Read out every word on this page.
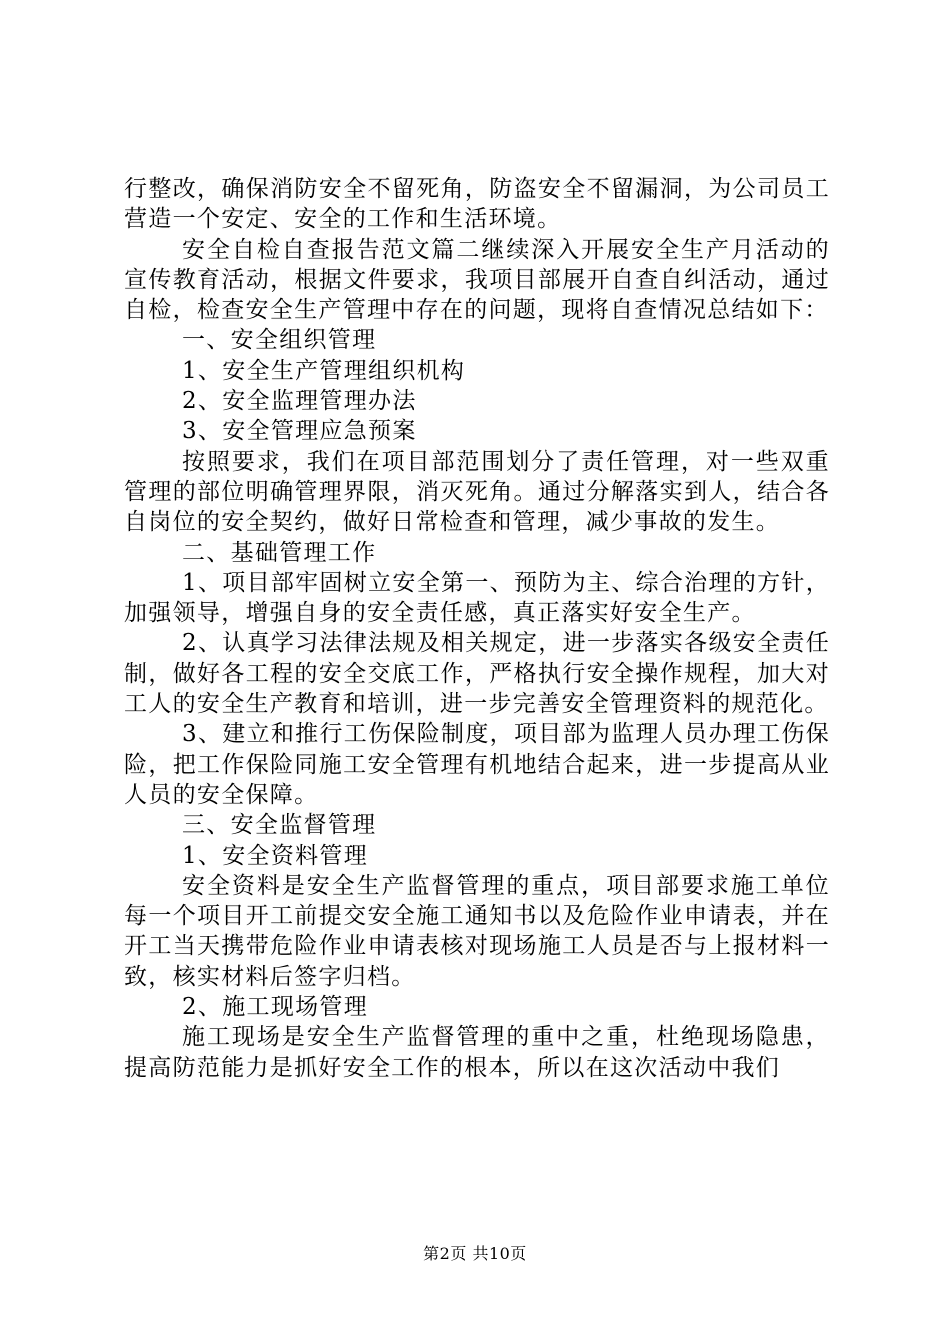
行整改，确保消防安全不留死角，防盗安全不留漏洞，为公司员工营造一个安定、安全的工作和生活环境。

安全自检自查报告范文篇二继续深入开展安全生产月活动的宣传教育活动，根据文件要求，我项目部展开自查自纠活动，通过自检，检查安全生产管理中存在的问题，现将自查情况总结如下：

一、安全组织管理

1、安全生产管理组织机构

2、安全监理管理办法

3、安全管理应急预案

按照要求，我们在项目部范围划分了责任管理，对一些双重管理的部位明确管理界限，消灭死角。通过分解落实到人，结合各自岗位的安全契约，做好日常检查和管理，减少事故的发生。

二、基础管理工作

1、项目部牢固树立安全第一、预防为主、综合治理的方针，加强领导，增强自身的安全责任感，真正落实好安全生产。

2、认真学习法律法规及相关规定，进一步落实各级安全责任制，做好各工程的安全交底工作，严格执行安全操作规程，加大对工人的安全生产教育和培训，进一步完善安全管理资料的规范化。

3、建立和推行工伤保险制度，项目部为监理人员办理工伤保险，把工作保险同施工安全管理有机地结合起来，进一步提高从业人员的安全保障。

三、安全监督管理

1、安全资料管理

安全资料是安全生产监督管理的重点，项目部要求施工单位每一个项目开工前提交安全施工通知书以及危险作业申请表，并在开工当天携带危险作业申请表核对现场施工人员是否与上报材料一致，核实材料后签字归档。

2、施工现场管理

施工现场是安全生产监督管理的重中之重，杜绝现场隐患，提高防范能力是抓好安全工作的根本，所以在这次活动中我们

第2页 共10页
